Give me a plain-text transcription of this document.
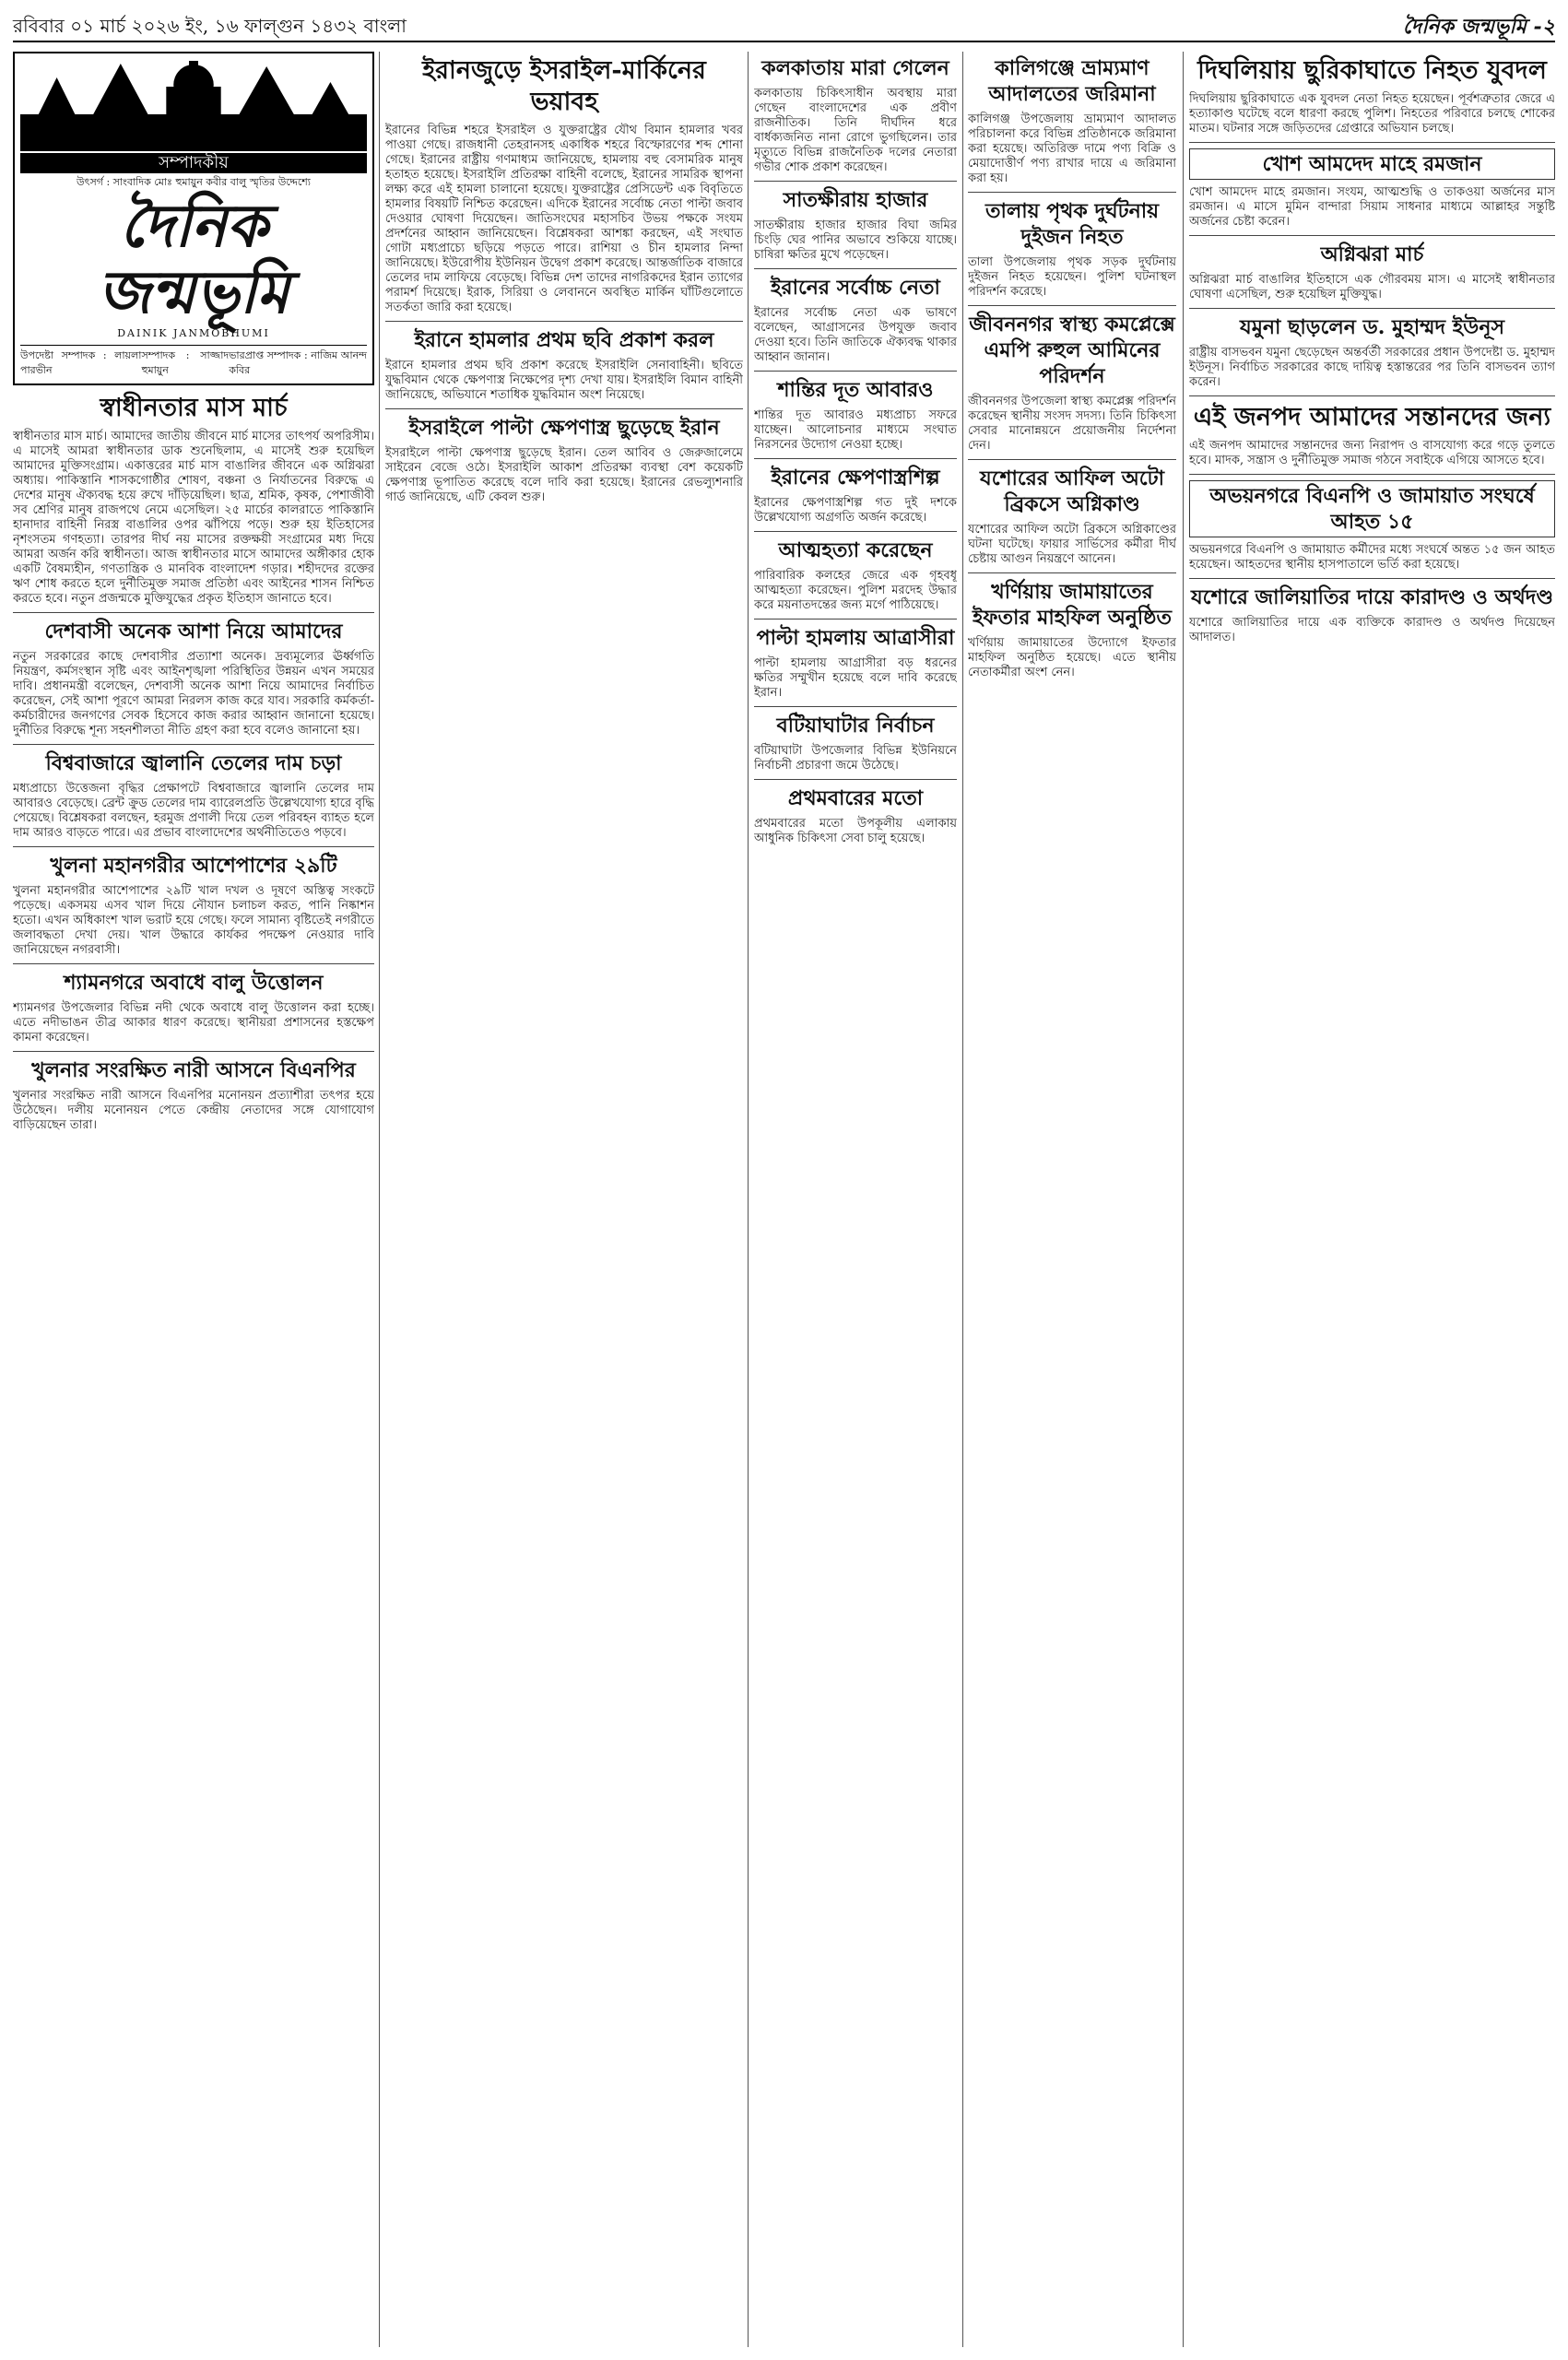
রবিবার ০১ মার্চ ২০২৬ ইং, ১৬ ফাল্গুন ১৪৩২ বাংলা	দৈনিক জন্মভূমি -২
সম্পাদকীয়
উৎসর্গ : সাংবাদিক মোঃ হুমায়ুন কবীর বালু স্মৃতির উদ্দেশ্যে
দৈনিক জন্মভূমি
DAINIK JANMOBHUMI
উপদেষ্টা সম্পাদক : লায়লা পারভীন
সম্পাদক : সাজ্জাদ হুমায়ুন
ভারপ্রাপ্ত সম্পাদক : নাজিম আনন্দ কবির
স্বাধীনতার মাস মার্চ

স্বাধীনতার মাস মার্চ। আমাদের জাতীয় জীবনে মার্চ মাসের তাৎপর্য অপরিসীম। এ মাসেই আমরা স্বাধীনতার ডাক শুনেছিলাম, এ মাসেই শুরু হয়েছিল আমাদের মুক্তিসংগ্রাম। একাত্তরের মার্চ মাস বাঙালির জীবনে এক অগ্নিঝরা অধ্যায়। পাকিস্তানি শাসকগোষ্ঠীর শোষণ, বঞ্চনা ও নির্যাতনের বিরুদ্ধে এ দেশের মানুষ ঐক্যবদ্ধ হয়ে রুখে দাঁড়িয়েছিল। ছাত্র, শ্রমিক, কৃষক, পেশাজীবী সব শ্রেণির মানুষ রাজপথে নেমে এসেছিল। ২৫ মার্চের কালরাতে পাকিস্তানি হানাদার বাহিনী নিরস্ত্র বাঙালির ওপর ঝাঁপিয়ে পড়ে। শুরু হয় ইতিহাসের নৃশংসতম গণহত্যা। তারপর দীর্ঘ নয় মাসের রক্তক্ষয়ী সংগ্রামের মধ্য দিয়ে আমরা অর্জন করি স্বাধীনতা। আজ স্বাধীনতার মাসে আমাদের অঙ্গীকার হোক একটি বৈষম্যহীন, গণতান্ত্রিক ও মানবিক বাংলাদেশ গড়ার। শহীদদের রক্তের ঋণ শোধ করতে হলে দুর্নীতিমুক্ত সমাজ প্রতিষ্ঠা এবং আইনের শাসন নিশ্চিত করতে হবে। নতুন প্রজন্মকে মুক্তিযুদ্ধের প্রকৃত ইতিহাস জানাতে হবে।

দেশবাসী অনেক আশা নিয়ে আমাদের

নতুন সরকারের কাছে দেশবাসীর প্রত্যাশা অনেক। দ্রব্যমূল্যের ঊর্ধ্বগতি নিয়ন্ত্রণ, কর্মসংস্থান সৃষ্টি এবং আইনশৃঙ্খলা পরিস্থিতির উন্নয়ন এখন সময়ের দাবি। প্রধানমন্ত্রী বলেছেন, দেশবাসী অনেক আশা নিয়ে আমাদের নির্বাচিত করেছেন, সেই আশা পূরণে আমরা নিরলস কাজ করে যাব। সরকারি কর্মকর্তা-কর্মচারীদের জনগণের সেবক হিসেবে কাজ করার আহ্বান জানানো হয়েছে। দুর্নীতির বিরুদ্ধে শূন্য সহনশীলতা নীতি গ্রহণ করা হবে বলেও জানানো হয়।

বিশ্ববাজারে জ্বালানি তেলের দাম চড়া

মধ্যপ্রাচ্যে উত্তেজনা বৃদ্ধির প্রেক্ষাপটে বিশ্ববাজারে জ্বালানি তেলের দাম আবারও বেড়েছে। ব্রেন্ট ক্রুড তেলের দাম ব্যারেলপ্রতি উল্লেখযোগ্য হারে বৃদ্ধি পেয়েছে। বিশ্লেষকরা বলছেন, হরমুজ প্রণালী দিয়ে তেল পরিবহন ব্যাহত হলে দাম আরও বাড়তে পারে। এর প্রভাব বাংলাদেশের অর্থনীতিতেও পড়বে।

খুলনা মহানগরীর আশেপাশের ২৯টি

খুলনা মহানগরীর আশেপাশের ২৯টি খাল দখল ও দূষণে অস্তিত্ব সংকটে পড়েছে। একসময় এসব খাল দিয়ে নৌযান চলাচল করত, পানি নিষ্কাশন হতো। এখন অধিকাংশ খাল ভরাট হয়ে গেছে। ফলে সামান্য বৃষ্টিতেই নগরীতে জলাবদ্ধতা দেখা দেয়। খাল উদ্ধারে কার্যকর পদক্ষেপ নেওয়ার দাবি জানিয়েছেন নগরবাসী।

শ্যামনগরে অবাধে বালু উত্তোলন

শ্যামনগর উপজেলার বিভিন্ন নদী থেকে অবাধে বালু উত্তোলন করা হচ্ছে। এতে নদীভাঙন তীব্র আকার ধারণ করেছে। স্থানীয়রা প্রশাসনের হস্তক্ষেপ কামনা করেছেন।

খুলনার সংরক্ষিত নারী আসনে বিএনপির

খুলনার সংরক্ষিত নারী আসনে বিএনপির মনোনয়ন প্রত্যাশীরা তৎপর হয়ে উঠেছেন। দলীয় মনোনয়ন পেতে কেন্দ্রীয় নেতাদের সঙ্গে যোগাযোগ বাড়িয়েছেন তারা।

ইরানজুড়ে ইসরাইল-মার্কিনের ভয়াবহ

ইরানের বিভিন্ন শহরে ইসরাইল ও যুক্তরাষ্ট্রের যৌথ বিমান হামলার খবর পাওয়া গেছে। রাজধানী তেহরানসহ একাধিক শহরে বিস্ফোরণের শব্দ শোনা গেছে। ইরানের রাষ্ট্রীয় গণমাধ্যম জানিয়েছে, হামলায় বহু বেসামরিক মানুষ হতাহত হয়েছে। ইসরাইলি প্রতিরক্ষা বাহিনী বলেছে, ইরানের সামরিক স্থাপনা লক্ষ্য করে এই হামলা চালানো হয়েছে। যুক্তরাষ্ট্রের প্রেসিডেন্ট এক বিবৃতিতে হামলার বিষয়টি নিশ্চিত করেছেন। এদিকে ইরানের সর্বোচ্চ নেতা পাল্টা জবাব দেওয়ার ঘোষণা দিয়েছেন। জাতিসংঘের মহাসচিব উভয় পক্ষকে সংযম প্রদর্শনের আহ্বান জানিয়েছেন। বিশ্লেষকরা আশঙ্কা করছেন, এই সংঘাত গোটা মধ্যপ্রাচ্যে ছড়িয়ে পড়তে পারে। রাশিয়া ও চীন হামলার নিন্দা জানিয়েছে। ইউরোপীয় ইউনিয়ন উদ্বেগ প্রকাশ করেছে। আন্তর্জাতিক বাজারে তেলের দাম লাফিয়ে বেড়েছে। বিভিন্ন দেশ তাদের নাগরিকদের ইরান ত্যাগের পরামর্শ দিয়েছে। ইরাক, সিরিয়া ও লেবাননে অবস্থিত মার্কিন ঘাঁটিগুলোতে সতর্কতা জারি করা হয়েছে।

ইরানে হামলার প্রথম ছবি প্রকাশ করল

ইরানে হামলার প্রথম ছবি প্রকাশ করেছে ইসরাইলি সেনাবাহিনী। ছবিতে যুদ্ধবিমান থেকে ক্ষেপণাস্ত্র নিক্ষেপের দৃশ্য দেখা যায়। ইসরাইলি বিমান বাহিনী জানিয়েছে, অভিযানে শতাধিক যুদ্ধবিমান অংশ নিয়েছে।

ইসরাইলে পাল্টা ক্ষেপণাস্ত্র ছুড়েছে ইরান

ইসরাইলে পাল্টা ক্ষেপণাস্ত্র ছুড়েছে ইরান। তেল আবিব ও জেরুজালেমে সাইরেন বেজে ওঠে। ইসরাইলি আকাশ প্রতিরক্ষা ব্যবস্থা বেশ কয়েকটি ক্ষেপণাস্ত্র ভূপাতিত করেছে বলে দাবি করা হয়েছে। ইরানের রেভল্যুশনারি গার্ড জানিয়েছে, এটি কেবল শুরু।

কলকাতায় মারা গেলেন

কলকাতায় চিকিৎসাধীন অবস্থায় মারা গেছেন বাংলাদেশের এক প্রবীণ রাজনীতিক। তিনি দীর্ঘদিন ধরে বার্ধক্যজনিত নানা রোগে ভুগছিলেন। তার মৃত্যুতে বিভিন্ন রাজনৈতিক দলের নেতারা গভীর শোক প্রকাশ করেছেন।

সাতক্ষীরায় হাজার

সাতক্ষীরায় হাজার হাজার বিঘা জমির চিংড়ি ঘের পানির অভাবে শুকিয়ে যাচ্ছে। চাষিরা ক্ষতির মুখে পড়েছেন।

ইরানের সর্বোচ্চ নেতা

ইরানের সর্বোচ্চ নেতা এক ভাষণে বলেছেন, আগ্রাসনের উপযুক্ত জবাব দেওয়া হবে। তিনি জাতিকে ঐক্যবদ্ধ থাকার আহ্বান জানান।

শান্তির দূত আবারও

শান্তির দূত আবারও মধ্যপ্রাচ্য সফরে যাচ্ছেন। আলোচনার মাধ্যমে সংঘাত নিরসনের উদ্যোগ নেওয়া হচ্ছে।

ইরানের ক্ষেপণাস্ত্রশিল্প

ইরানের ক্ষেপণাস্ত্রশিল্প গত দুই দশকে উল্লেখযোগ্য অগ্রগতি অর্জন করেছে।

আত্মহত্যা করেছেন

পারিবারিক কলহের জেরে এক গৃহবধূ আত্মহত্যা করেছেন। পুলিশ মরদেহ উদ্ধার করে ময়নাতদন্তের জন্য মর্গে পাঠিয়েছে।

পাল্টা হামলায় আত্রাসীরা

পাল্টা হামলায় আগ্রাসীরা বড় ধরনের ক্ষতির সম্মুখীন হয়েছে বলে দাবি করেছে ইরান।

বটিয়াঘাটার নির্বাচন

বটিয়াঘাটা উপজেলার বিভিন্ন ইউনিয়নে নির্বাচনী প্রচারণা জমে উঠেছে।

প্রথমবারের মতো

প্রথমবারের মতো উপকূলীয় এলাকায় আধুনিক চিকিৎসা সেবা চালু হয়েছে।

কালিগঞ্জে ভ্রাম্যমাণ আদালতের জরিমানা

কালিগঞ্জ উপজেলায় ভ্রাম্যমাণ আদালত পরিচালনা করে বিভিন্ন প্রতিষ্ঠানকে জরিমানা করা হয়েছে। অতিরিক্ত দামে পণ্য বিক্রি ও মেয়াদোত্তীর্ণ পণ্য রাখার দায়ে এ জরিমানা করা হয়।

তালায় পৃথক দুর্ঘটনায় দুইজন নিহত

তালা উপজেলায় পৃথক সড়ক দুর্ঘটনায় দুইজন নিহত হয়েছেন। পুলিশ ঘটনাস্থল পরিদর্শন করেছে।

জীবননগর স্বাস্থ্য কমপ্লেক্সে এমপি রুহুল আমিনের পরিদর্শন

জীবননগর উপজেলা স্বাস্থ্য কমপ্লেক্স পরিদর্শন করেছেন স্থানীয় সংসদ সদস্য। তিনি চিকিৎসা সেবার মানোন্নয়নে প্রয়োজনীয় নির্দেশনা দেন।

যশোরের আফিল অটো ব্রিকসে অগ্নিকাণ্ড

যশোরের আফিল অটো ব্রিকসে অগ্নিকাণ্ডের ঘটনা ঘটেছে। ফায়ার সার্ভিসের কর্মীরা দীর্ঘ চেষ্টায় আগুন নিয়ন্ত্রণে আনেন।

খর্ণিয়ায় জামায়াতের ইফতার মাহফিল অনুষ্ঠিত

খর্ণিয়ায় জামায়াতের উদ্যোগে ইফতার মাহফিল অনুষ্ঠিত হয়েছে। এতে স্থানীয় নেতাকর্মীরা অংশ নেন।

দিঘলিয়ায় ছুরিকাঘাতে নিহত যুবদল

দিঘলিয়ায় ছুরিকাঘাতে এক যুবদল নেতা নিহত হয়েছেন। পূর্বশত্রুতার জেরে এ হত্যাকাণ্ড ঘটেছে বলে ধারণা করছে পুলিশ। নিহতের পরিবারে চলছে শোকের মাতম। ঘটনার সঙ্গে জড়িতদের গ্রেপ্তারে অভিযান চলছে।

খোশ আমদেদ মাহে রমজান

খোশ আমদেদ মাহে রমজান। সংযম, আত্মশুদ্ধি ও তাকওয়া অর্জনের মাস রমজান। এ মাসে মুমিন বান্দারা সিয়াম সাধনার মাধ্যমে আল্লাহর সন্তুষ্টি অর্জনের চেষ্টা করেন।

অগ্নিঝরা মার্চ

অগ্নিঝরা মার্চ বাঙালির ইতিহাসে এক গৌরবময় মাস। এ মাসেই স্বাধীনতার ঘোষণা এসেছিল, শুরু হয়েছিল মুক্তিযুদ্ধ।

যমুনা ছাড়লেন ড. মুহাম্মদ ইউনূস

রাষ্ট্রীয় বাসভবন যমুনা ছেড়েছেন অন্তর্বর্তী সরকারের প্রধান উপদেষ্টা ড. মুহাম্মদ ইউনূস। নির্বাচিত সরকারের কাছে দায়িত্ব হস্তান্তরের পর তিনি বাসভবন ত্যাগ করেন।

এই জনপদ আমাদের সন্তানদের জন্য

এই জনপদ আমাদের সন্তানদের জন্য নিরাপদ ও বাসযোগ্য করে গড়ে তুলতে হবে। মাদক, সন্ত্রাস ও দুর্নীতিমুক্ত সমাজ গঠনে সবাইকে এগিয়ে আসতে হবে।

অভয়নগরে বিএনপি ও জামায়াত সংঘর্ষে আহত ১৫

অভয়নগরে বিএনপি ও জামায়াত কর্মীদের মধ্যে সংঘর্ষে অন্তত ১৫ জন আহত হয়েছেন। আহতদের স্থানীয় হাসপাতালে ভর্তি করা হয়েছে।

যশোরে জালিয়াতির দায়ে কারাদণ্ড ও অর্থদণ্ড

যশোরে জালিয়াতির দায়ে এক ব্যক্তিকে কারাদণ্ড ও অর্থদণ্ড দিয়েছেন আদালত।
